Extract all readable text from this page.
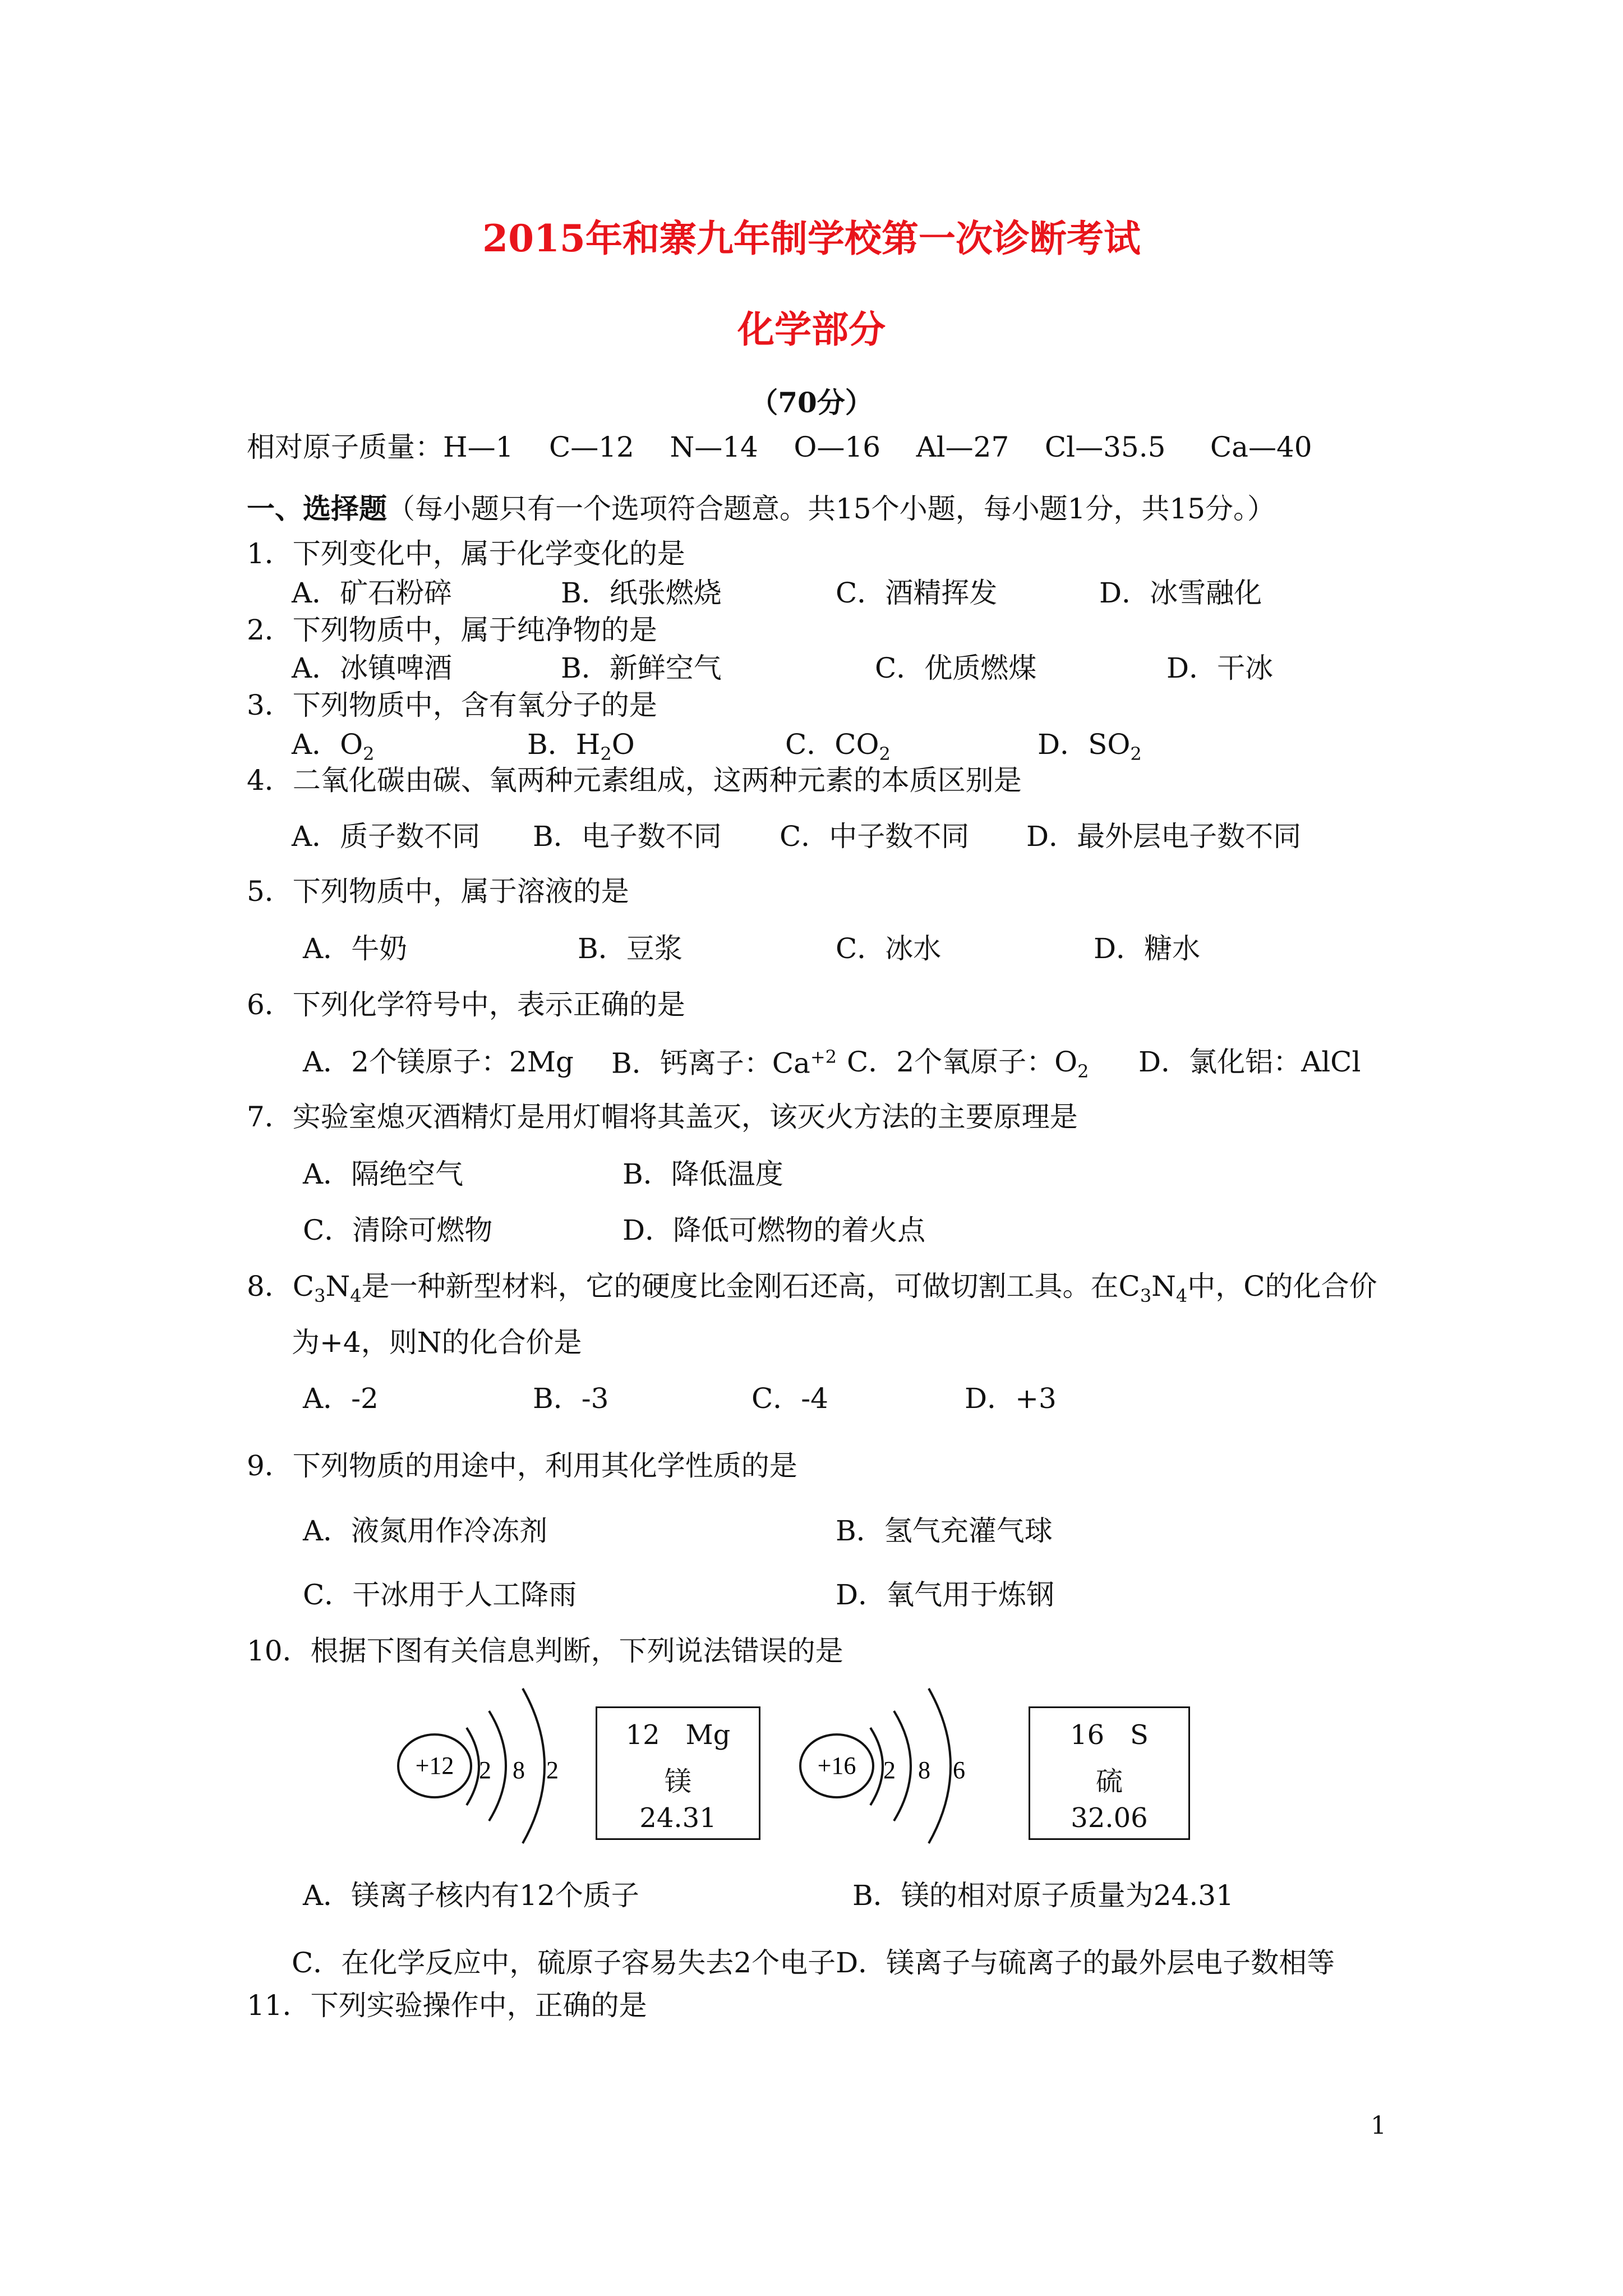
2015年和寨九年制学校第一次诊断考试
化学部分
（70分）
相对原子质量：H—1    C—12    N—14    O—16    Al—27    Cl—35.5     Ca—40
一、选择题（每小题只有一个选项符合题意。共15个小题，每小题1分，共15分。）
1．下列变化中，属于化学变化的是
A．矿石粉碎	B．纸张燃烧	C．酒精挥发	D．冰雪融化
2．下列物质中，属于纯净物的是
A．冰镇啤酒	B．新鲜空气	C．优质燃煤	D．干冰
3．下列物质中，含有氧分子的是
A．$O_2$	B．$H_2O$	C．$CO_2$	D．$SO_2$
4．二氧化碳由碳、氧两种元素组成，这两种元素的本质区别是
A．质子数不同 B．电子数不同 C．中子数不同 D．最外层电子数不同
5．下列物质中，属于溶液的是
A．牛奶	B．豆浆	C．冰水	D．糖水
6．下列化学符号中，表示正确的是
A．2个镁原子：2Mg B．钙离子：$Ca^{+2}$ C．2个氧原子：$O_2$ D．氯化铝：AlCl
7．实验室熄灭酒精灯是用灯帽将其盖灭，该灭火方法的主要原理是
A．隔绝空气	B．降低温度
C．清除可燃物	D．降低可燃物的着火点
8．$C_3N_4$是一种新型材料，它的硬度比金刚石还高，可做切割工具。在$C_3N_4$中，C的化合价
为+4，则N的化合价是
A．-2	B．-3	C．-4	D．+3
9．下列物质的用途中，利用其化学性质的是
A．液氮用作冷冻剂	B．氢气充灌气球
C．干冰用于人工降雨	D．氧气用于炼钢
10．根据下图有关信息判断，下列说法错误的是
+12 2 8 2	+16 2 8 6
12 Mg
镁
24.31
16 S
硫
32.06
A．镁离子核内有12个质子	B．镁的相对原子质量为24.31
C．在化学反应中，硫原子容易失去2个电子D．镁离子与硫离子的最外层电子数相等
11．下列实验操作中，正确的是
1
